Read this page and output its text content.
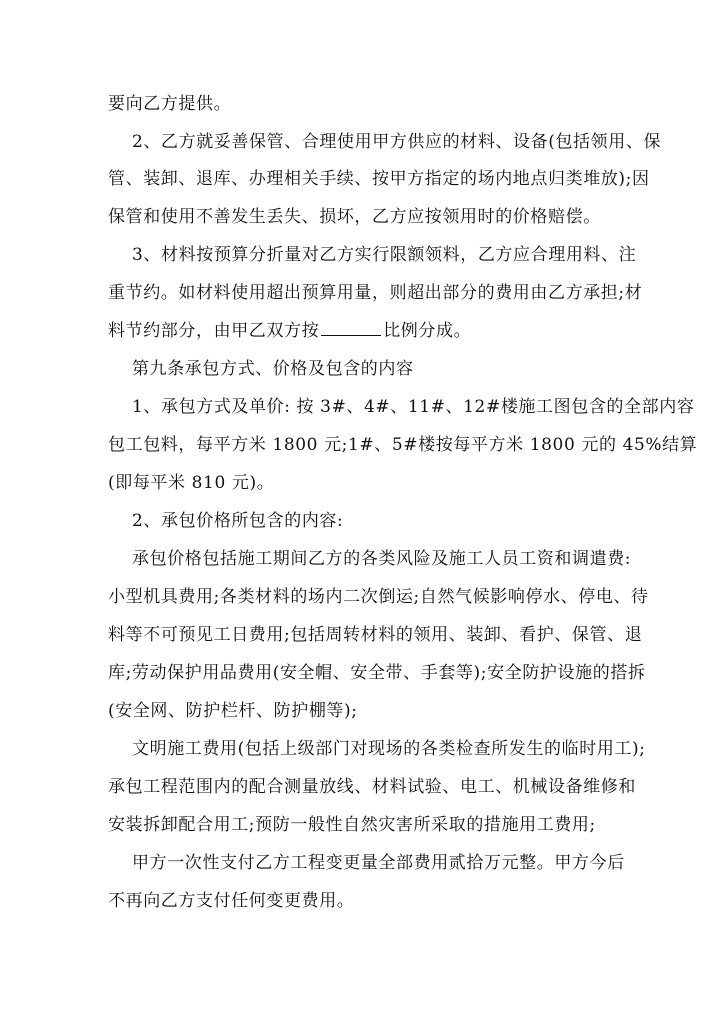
要向乙方提供。
2、乙方就妥善保管、合理使用甲方供应的材料、设备(包括领用、保
管、装卸、退库、办理相关手续、按甲方指定的场内地点归类堆放);因
保管和使用不善发生丢失、损坏，乙方应按领用时的价格赔偿。
3、材料按预算分折量对乙方实行限额领料，乙方应合理用料、注
重节约。如材料使用超出预算用量，则超出部分的费用由乙方承担;材
料节约部分，由甲乙双方按	比例分成。
第九条承包方式、价格及包含的内容
1、承包方式及单价: 按 3#、4#、11#、12#楼施工图包含的全部内容
包工包料，每平方米 1800 元;1#、5#楼按每平方米 1800 元的 45%结算
(即每平米 810 元)。
2、承包价格所包含的内容:
承包价格包括施工期间乙方的各类风险及施工人员工资和调遣费:
小型机具费用;各类材料的场内二次倒运;自然气候影响停水、停电、待
料等不可预见工日费用;包括周转材料的领用、装卸、看护、保管、退
库;劳动保护用品费用(安全帽、安全带、手套等);安全防护设施的搭拆
(安全网、防护栏杆、防护棚等);
文明施工费用(包括上级部门对现场的各类检查所发生的临时用工);
承包工程范围内的配合测量放线、材料试验、电工、机械设备维修和
安装拆卸配合用工;预防一般性自然灾害所采取的措施用工费用;
甲方一次性支付乙方工程变更量全部费用贰拾万元整。甲方今后
不再向乙方支付任何变更费用。
